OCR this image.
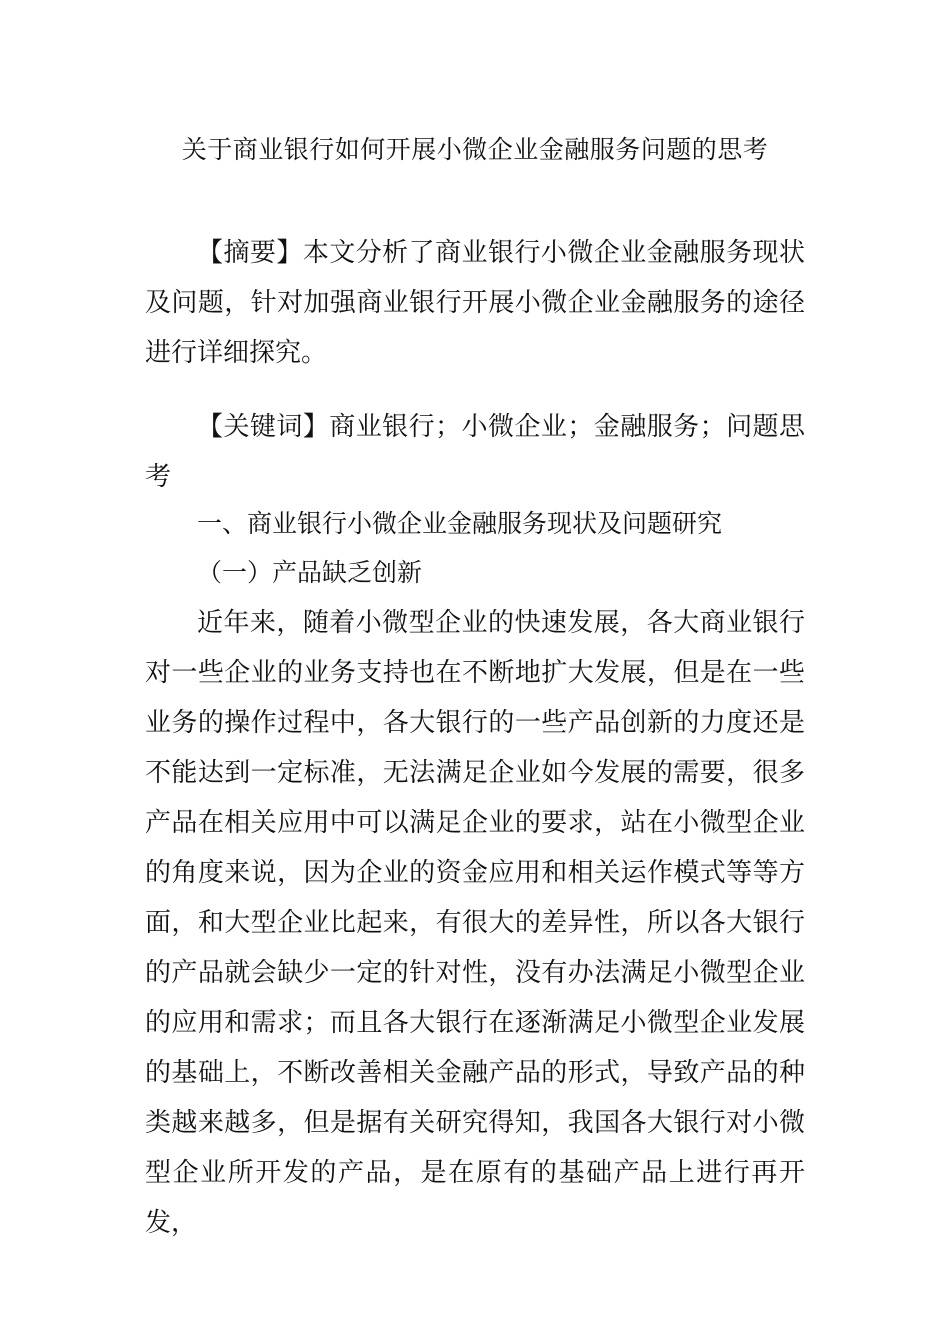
关于商业银行如何开展小微企业金融服务问题的思考
【摘要】本文分析了商业银行小微企业金融服务现状及问题，针对加强商业银行开展小微企业金融服务的途径进行详细探究。
【关键词】商业银行；小微企业；金融服务；问题思考
一、商业银行小微企业金融服务现状及问题研究
（一）产品缺乏创新
近年来，随着小微型企业的快速发展，各大商业银行对一些企业的业务支持也在不断地扩大发展，但是在一些业务的操作过程中，各大银行的一些产品创新的力度还是不能达到一定标准，无法满足企业如今发展的需要，很多产品在相关应用中可以满足企业的要求，站在小微型企业的角度来说，因为企业的资金应用和相关运作模式等等方面，和大型企业比起来，有很大的差异性，所以各大银行的产品就会缺少一定的针对性，没有办法满足小微型企业的应用和需求；而且各大银行在逐渐满足小微型企业发展的基础上，不断改善相关金融产品的形式，导致产品的种类越来越多，但是据有关研究得知，我国各大银行对小微型企业所开发的产品，是在原有的基础产品上进行再开发，
